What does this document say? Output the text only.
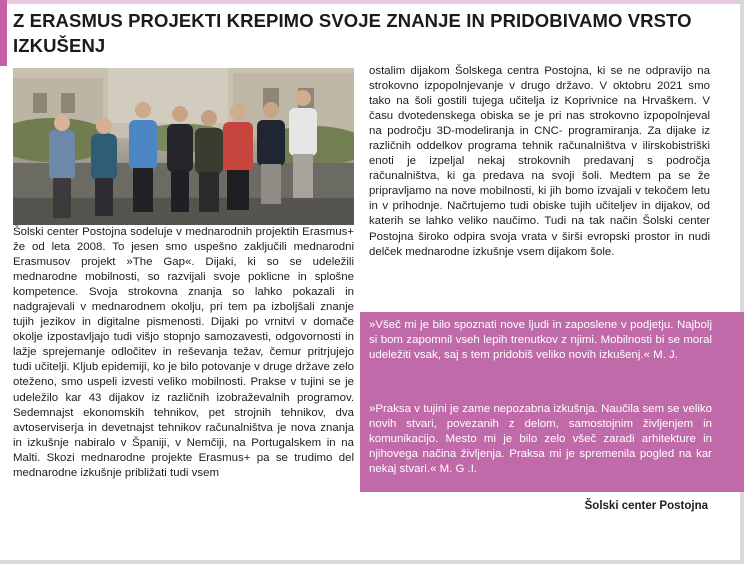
Z ERASMUS PROJEKTI KREPIMO SVOJE ZNANJE IN PRIDOBIVAMO VRSTO
IZKUŠENJ

Šolski center Postojna sodeluje v mednarodnih projektih Erasmus+ že od leta 2008. To jesen smo uspešno zaključili mednarodni Erasmusov projekt »The Gap«. Dijaki, ki so se udeležili mednarodne mobilnosti, so razvijali svoje poklicne in splošne kompetence. Svoja strokovna znanja so lahko pokazali in nadgrajevali v mednarodnem okolju, pri tem pa izboljšali znanje tujih jezikov in digitalne pismenosti. Dijaki po vrnitvi v domače okolje izpostavljajo tudi višjo stopnjo samozavesti, odgovornosti in lažje sprejemanje odločitev in reševanja težav, čemur pritrjujejo tudi učitelji. Kljub epidemiji, ko je bilo potovanje v druge države zelo oteženo, smo uspeli izvesti veliko mobilnosti. Prakse v tujini se je udeležilo kar 43 dijakov iz različnih izobraževalnih programov. Sedemnajst ekonomskih tehnikov, pet strojnih tehnikov, dva avtoserviserja in devetnajst tehnikov računalništva je nova znanja in izkušnje nabiralo v Španiji, v Nemčiji, na Portugalskem in na Malti. Skozi mednarodne projekte Erasmus+ pa se trudimo del mednarodne izkušnje približati tudi vsem

ostalim dijakom Šolskega centra Postojna, ki se ne odpravijo na strokovno izpopolnjevanje v drugo državo. V oktobru 2021 smo tako na šoli gostili tujega učitelja iz Koprivnice na Hrvaškem. V času dvotedenskega obiska se je pri nas strokovno izpopolnjeval na področju 3D-modeliranja in CNC- programiranja. Za dijake iz različnih oddelkov programa tehnik računalništva v ilirskobistriški enoti je izpeljal nekaj strokovnih predavanj s področja računalništva, ki ga predava na svoji šoli. Medtem pa se že pripravljamo na nove mobilnosti, ki jih bomo izvajali v tekočem letu in v prihodnje. Načrtujemo tudi obiske tujih učiteljev in dijakov, od katerih se lahko veliko naučimo. Tudi na tak način Šolski center Postojna široko odpira svoja vrata v širši evropski prostor in nudi delček mednarodne izkušnje vsem dijakom šole.

»Všeč mi je bilo spoznati nove ljudi in zaposlene v podjetju. Najbolj si bom zapomnil vseh lepih trenutkov z njimi. Mobilnosti bi se moral udeležiti vsak, saj s tem pridobiš veliko novih izkušenj.« M. J.

»Praksa v tujini je zame nepozabna izkušnja. Naučila sem se veliko novih stvari, povezanih z delom, samostojnim življenjem in komunikacijo. Mesto mi je bilo zelo všeč zaradi arhitekture in njihovega načina življenja. Praksa mi je spremenila pogled na kar nekaj stvari.« M. G .I.

Šolski center Postojna
